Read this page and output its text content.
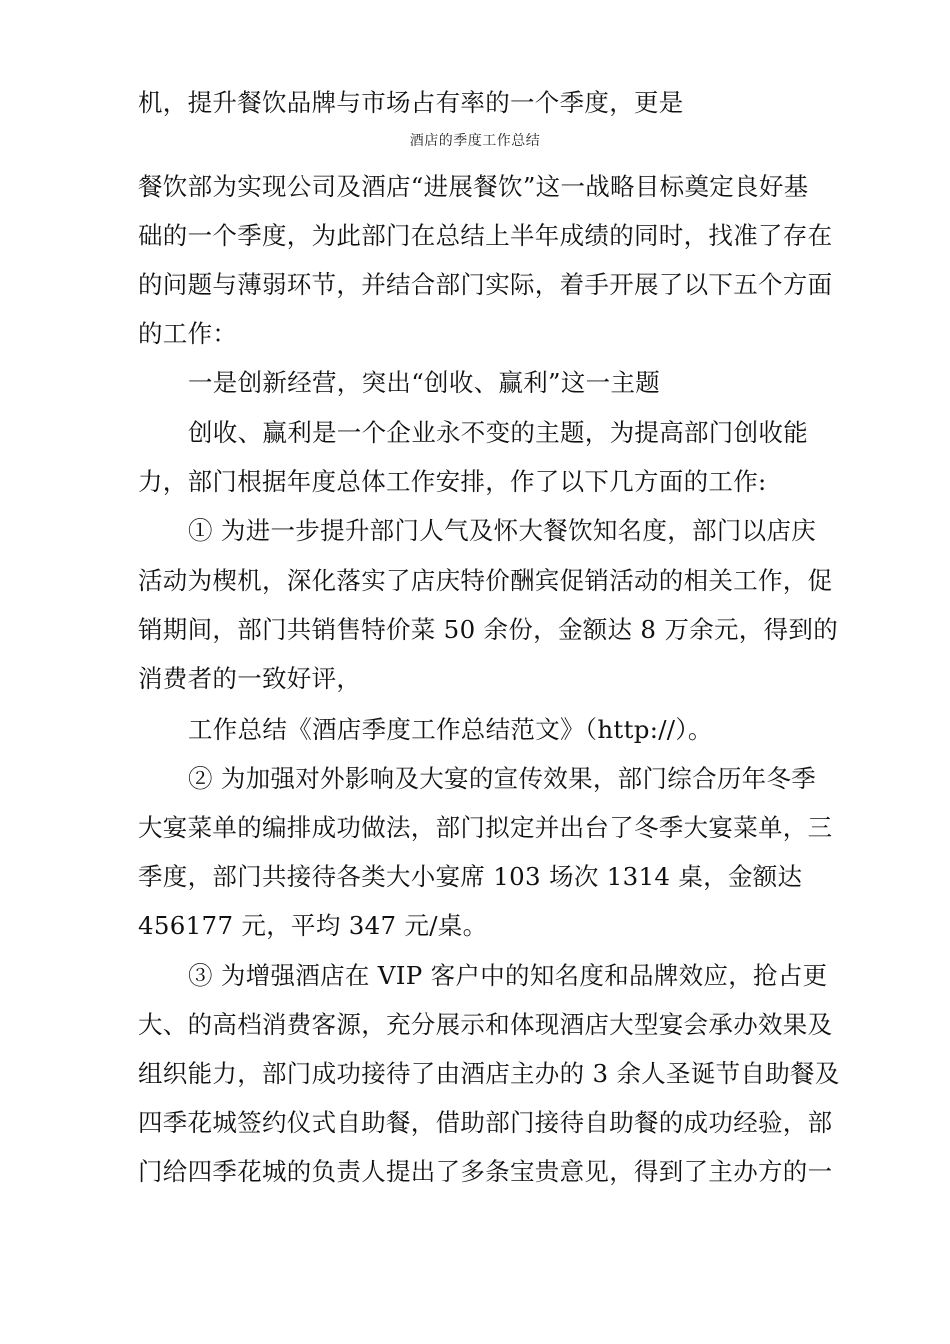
机，提升餐饮品牌与市场占有率的一个季度，更是
酒店的季度工作总结
餐饮部为实现公司及酒店“进展餐饮”这一战略目标奠定良好基
础的一个季度，为此部门在总结上半年成绩的同时，找准了存在
的问题与薄弱环节，并结合部门实际，着手开展了以下五个方面
的工作：
一是创新经营，突出“创收、赢利”这一主题
创收、赢利是一个企业永不变的主题，为提高部门创收能
力，部门根据年度总体工作安排，作了以下几方面的工作:
① 为进一步提升部门人气及怀大餐饮知名度，部门以店庆
活动为楔机，深化落实了店庆特价酬宾促销活动的相关工作，促
销期间，部门共销售特价菜 50 余份，金额达 8 万余元，得到的
消费者的一致好评，
工作总结《酒店季度工作总结范文》（http://）。
② 为加强对外影响及大宴的宣传效果，部门综合历年冬季
大宴菜单的编排成功做法，部门拟定并出台了冬季大宴菜单，三
季度，部门共接待各类大小宴席 103 场次 1314 桌，金额达
456177 元，平均 347 元/桌。
③ 为增强酒店在 VIP 客户中的知名度和品牌效应，抢占更
大、的高档消费客源，充分展示和体现酒店大型宴会承办效果及
组织能力，部门成功接待了由酒店主办的 3 余人圣诞节自助餐及
四季花城签约仪式自助餐，借助部门接待自助餐的成功经验，部
门给四季花城的负责人提出了多条宝贵意见，得到了主办方的一
